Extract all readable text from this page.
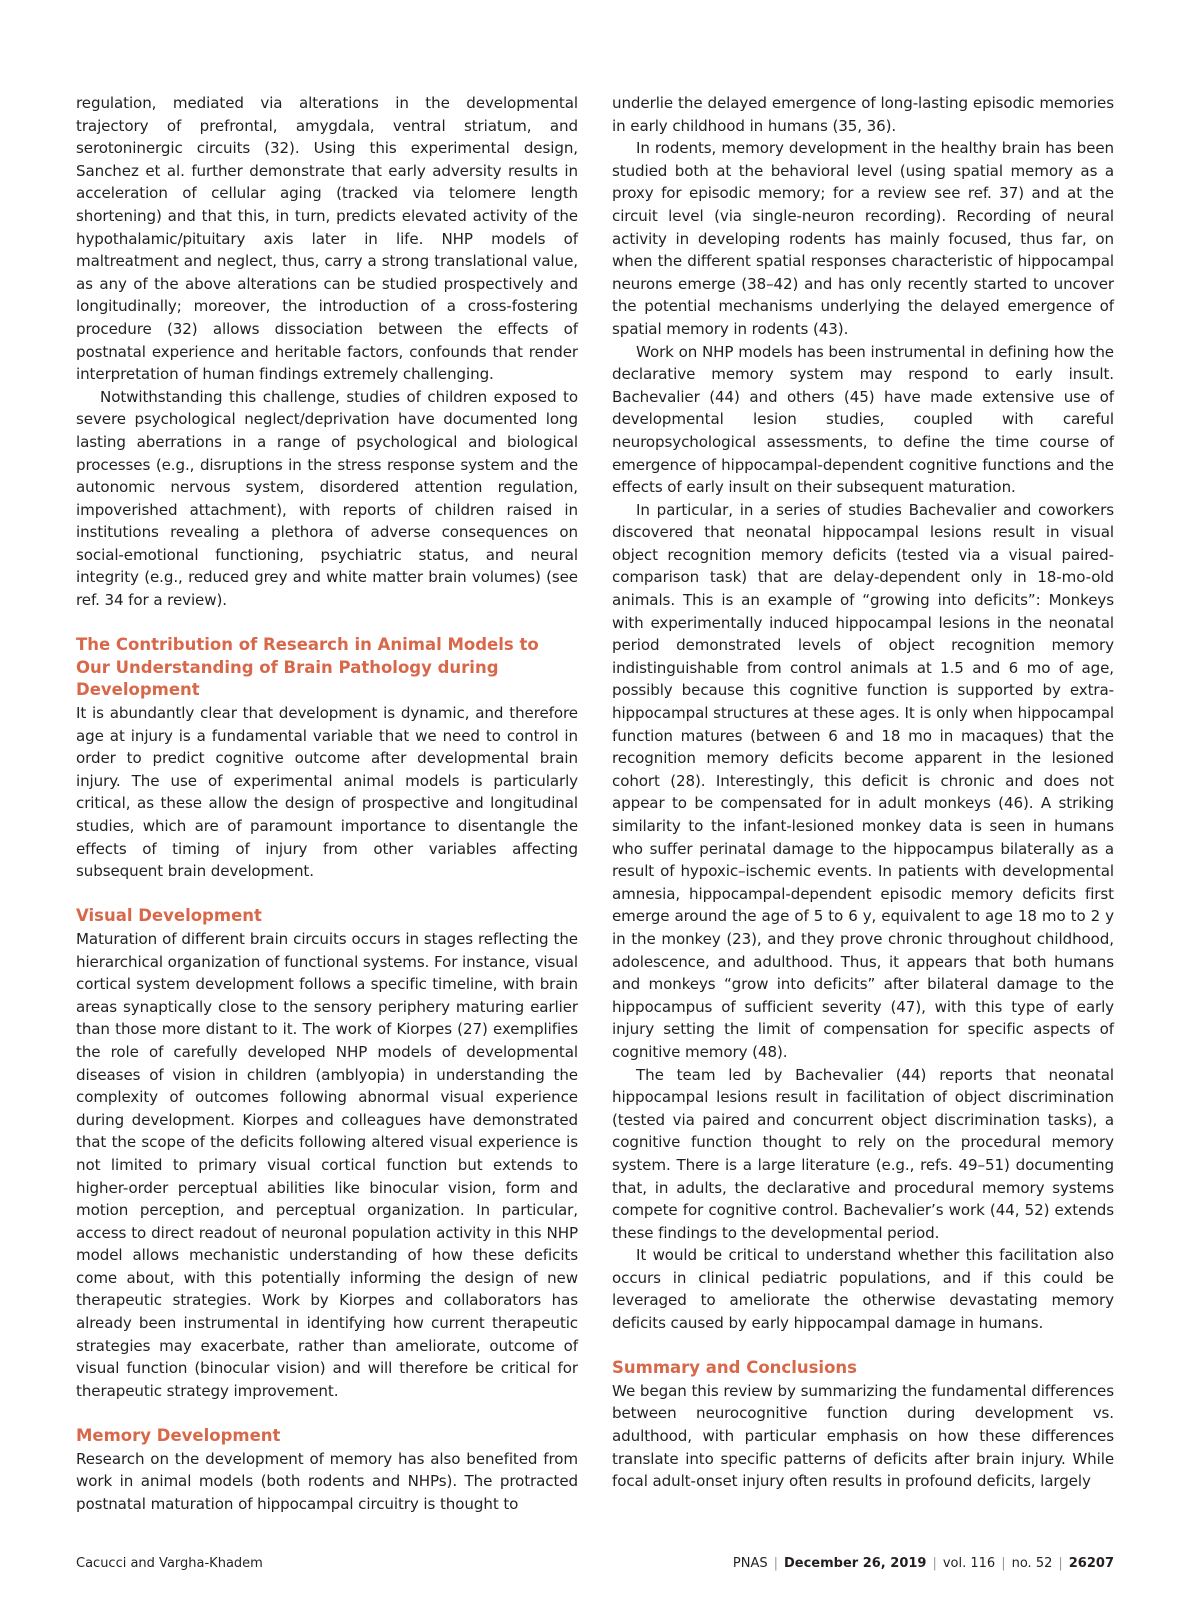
regulation, mediated via alterations in the developmental trajectory of prefrontal, amygdala, ventral striatum, and serotoninergic circuits (32). Using this experimental design, Sanchez et al. further demonstrate that early adversity results in acceleration of cellular aging (tracked via telomere length shortening) and that this, in turn, predicts elevated activity of the hypothalamic/pituitary axis later in life. NHP models of maltreatment and neglect, thus, carry a strong translational value, as any of the above alterations can be studied prospectively and longitudinally; moreover, the introduction of a cross-fostering procedure (32) allows dissociation between the effects of postnatal experience and heritable factors, confounds that render interpretation of human findings extremely challenging.

Notwithstanding this challenge, studies of children exposed to severe psychological neglect/deprivation have documented long lasting aberrations in a range of psychological and biological processes (e.g., disruptions in the stress response system and the autonomic nervous system, disordered attention regulation, impoverished attachment), with reports of children raised in institutions revealing a plethora of adverse consequences on social-emotional functioning, psychiatric status, and neural integrity (e.g., reduced grey and white matter brain volumes) (see ref. 34 for a review).

The Contribution of Research in Animal Models to Our Understanding of Brain Pathology during Development

It is abundantly clear that development is dynamic, and therefore age at injury is a fundamental variable that we need to control in order to predict cognitive outcome after developmental brain injury. The use of experimental animal models is particularly critical, as these allow the design of prospective and longitudinal studies, which are of paramount importance to disentangle the effects of timing of injury from other variables affecting subsequent brain development.

Visual Development

Maturation of different brain circuits occurs in stages reflecting the hierarchical organization of functional systems. For instance, visual cortical system development follows a specific timeline, with brain areas synaptically close to the sensory periphery maturing earlier than those more distant to it. The work of Kiorpes (27) exemplifies the role of carefully developed NHP models of developmental diseases of vision in children (amblyopia) in understanding the complexity of outcomes following abnormal visual experience during development. Kiorpes and colleagues have demonstrated that the scope of the deficits following altered visual experience is not limited to primary visual cortical function but extends to higher-order perceptual abilities like binocular vision, form and motion perception, and perceptual organization. In particular, access to direct readout of neuronal population activity in this NHP model allows mechanistic understanding of how these deficits come about, with this potentially informing the design of new therapeutic strategies. Work by Kiorpes and collaborators has already been instrumental in identifying how current therapeutic strategies may exacerbate, rather than ameliorate, outcome of visual function (binocular vision) and will therefore be critical for therapeutic strategy improvement.

Memory Development

Research on the development of memory has also benefited from work in animal models (both rodents and NHPs). The protracted postnatal maturation of hippocampal circuitry is thought to

underlie the delayed emergence of long-lasting episodic memories in early childhood in humans (35, 36).

In rodents, memory development in the healthy brain has been studied both at the behavioral level (using spatial memory as a proxy for episodic memory; for a review see ref. 37) and at the circuit level (via single-neuron recording). Recording of neural activity in developing rodents has mainly focused, thus far, on when the different spatial responses characteristic of hippocampal neurons emerge (38–42) and has only recently started to uncover the potential mechanisms underlying the delayed emergence of spatial memory in rodents (43).

Work on NHP models has been instrumental in defining how the declarative memory system may respond to early insult. Bachevalier (44) and others (45) have made extensive use of developmental lesion studies, coupled with careful neuropsychological assessments, to define the time course of emergence of hippocampal-dependent cognitive functions and the effects of early insult on their subsequent maturation.

In particular, in a series of studies Bachevalier and coworkers discovered that neonatal hippocampal lesions result in visual object recognition memory deficits (tested via a visual paired-comparison task) that are delay-dependent only in 18-mo-old animals. This is an example of “growing into deficits”: Monkeys with experimentally induced hippocampal lesions in the neonatal period demonstrated levels of object recognition memory indistinguishable from control animals at 1.5 and 6 mo of age, possibly because this cognitive function is supported by extra-hippocampal structures at these ages. It is only when hippocampal function matures (between 6 and 18 mo in macaques) that the recognition memory deficits become apparent in the lesioned cohort (28). Interestingly, this deficit is chronic and does not appear to be compensated for in adult monkeys (46). A striking similarity to the infant-lesioned monkey data is seen in humans who suffer perinatal damage to the hippocampus bilaterally as a result of hypoxic–ischemic events. In patients with developmental amnesia, hippocampal-dependent episodic memory deficits first emerge around the age of 5 to 6 y, equivalent to age 18 mo to 2 y in the monkey (23), and they prove chronic throughout childhood, adolescence, and adulthood. Thus, it appears that both humans and monkeys “grow into deficits” after bilateral damage to the hippocampus of sufficient severity (47), with this type of early injury setting the limit of compensation for specific aspects of cognitive memory (48).

The team led by Bachevalier (44) reports that neonatal hippocampal lesions result in facilitation of object discrimination (tested via paired and concurrent object discrimination tasks), a cognitive function thought to rely on the procedural memory system. There is a large literature (e.g., refs. 49–51) documenting that, in adults, the declarative and procedural memory systems compete for cognitive control. Bachevalier’s work (44, 52) extends these findings to the developmental period.

It would be critical to understand whether this facilitation also occurs in clinical pediatric populations, and if this could be leveraged to ameliorate the otherwise devastating memory deficits caused by early hippocampal damage in humans.

Summary and Conclusions

We began this review by summarizing the fundamental differences between neurocognitive function during development vs. adulthood, with particular emphasis on how these differences translate into specific patterns of deficits after brain injury. While focal adult-onset injury often results in profound deficits, largely

Cacucci and Vargha-Khadem	PNAS | December 26, 2019 | vol. 116 | no. 52 | 26207
